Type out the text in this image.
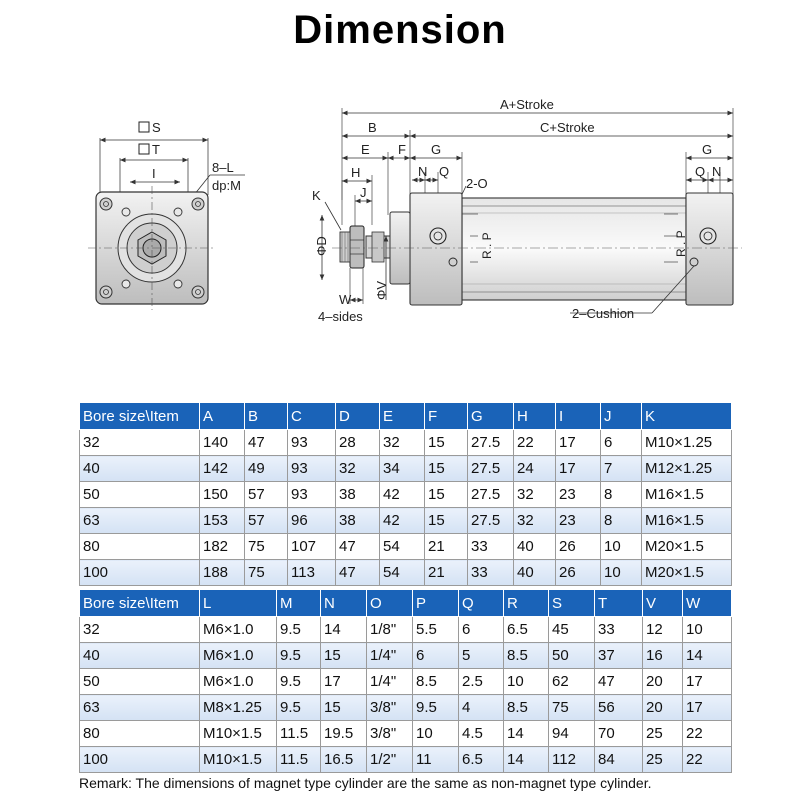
Dimension
S
T
I	8–L
dp:M
A+Stroke
B	C+Stroke
E F G	G
Q N
N Q
2-O
H
J
K
ΦD	R . P	R . P
ΦV
W
4–sides	2–Cushion
Bore size\Item	A	B	C	D	E	F	G	H	I	J	K
32	140	47	93	28	32	15	27.5	22	17	6	M10×1.25
40	142	49	93	32	34	15	27.5	24	17	7	M12×1.25
50	150	57	93	38	42	15	27.5	32	23	8	M16×1.5
63	153	57	96	38	42	15	27.5	32	23	8	M16×1.5
80	182	75	107	47	54	21	33	40	26	10	M20×1.5
100	188	75	113	47	54	21	33	40	26	10	M20×1.5
Bore size\Item	L	M	N	O	P	Q	R	S	T	V	W
32	M6×1.0	9.5	14	1/8"	5.5	6	6.5	45	33	12	10
40	M6×1.0	9.5	15	1/4"	6	5	8.5	50	37	16	14
50	M6×1.0	9.5	17	1/4"	8.5	2.5	10	62	47	20	17
63	M8×1.25	9.5	15	3/8"	9.5	4	8.5	75	56	20	17
80	M10×1.5	11.5	19.5	3/8"	10	4.5	14	94	70	25	22
100	M10×1.5	11.5	16.5	1/2"	11	6.5	14	112	84	25	22
Remark: The dimensions of magnet type cylinder are the same as non-magnet type cylinder.
